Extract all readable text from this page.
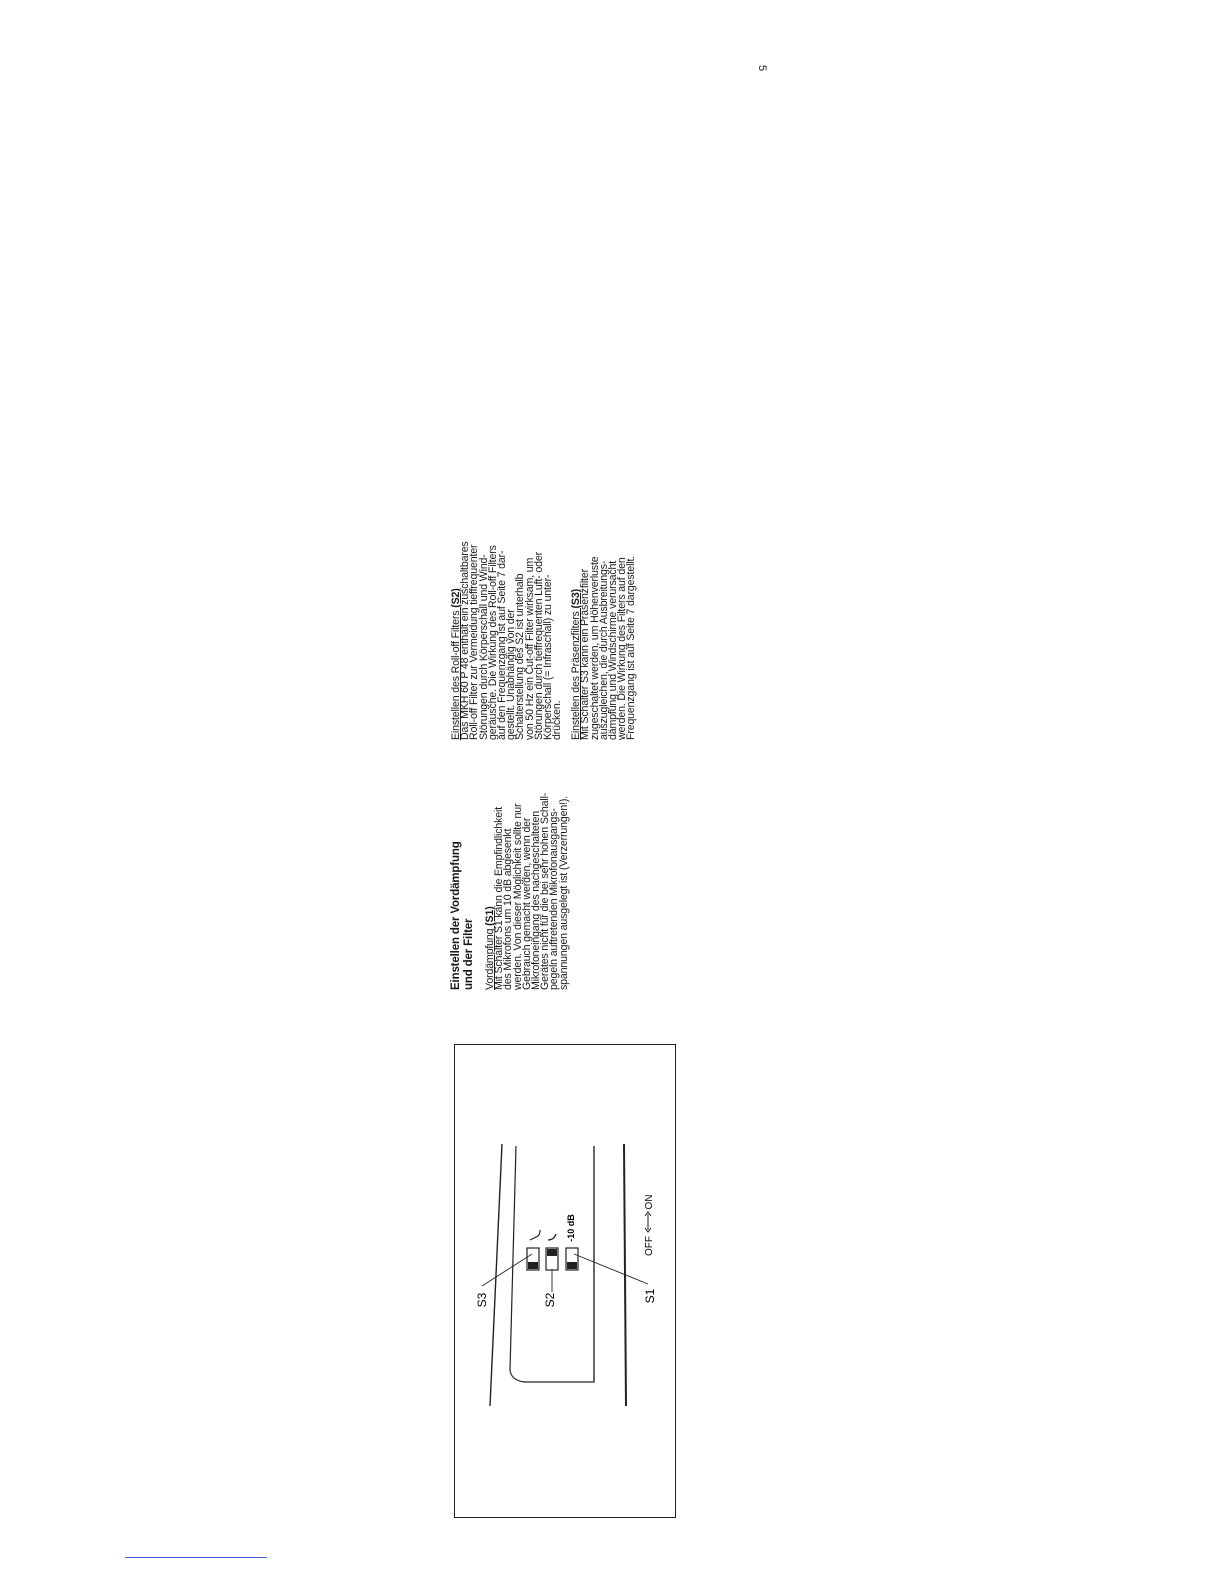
5
Einstellen der Vordämpfung und der Filter Vordämpfung (S1)
Mit Schalter S1 kann die Empfindlichkeit
des Mikrofons um 10 dB abgesenkt
werden. Von dieser Möglichkeit sollte nur
Gebrauch gemacht werden, wenn der
Mikrofoneingang des nachgeschalteten
Gerätes nicht für die bei sehr hohen Schall-
pegeln auftretenden Mikrofonausgangs-
spannungen ausgelegt ist (Verzerrungen!).
Einstellen des Roll-off Filters (S2)
Das MKH 60 P 48 enthält ein zuschaltbares
Roll-off Filter zur Vermeidung tieffrequenter
Störungen durch Körperschall und Wind-
geräusche. Die Wirkung des Roll-off Filters
auf den Frequenzgang ist auf Seite 7 dar-
gestellt. Unabhängig von der
Schalterstellung des S2 ist unterhalb
von 50 Hz ein Cut-off Filter wirksam, um
Störungen durch tieffrequenten Luft- oder
Körperschall (= Infraschall) zu unter-
drücken. Einstellen des Präsenzfilters (S3)
Mit Schalter S3 kann ein Präsenzfilter
zugeschaltet werden, um Höhenverluste
auszugleichen, die durch Ausbreitungs-
dämpfung und Windschirme verursacht
werden. Die Wirkung des Filters auf den
Frequenzgang ist auf Seite 7 dargestellt.
S3	S2	S1
-10 dB
OFF
ON
